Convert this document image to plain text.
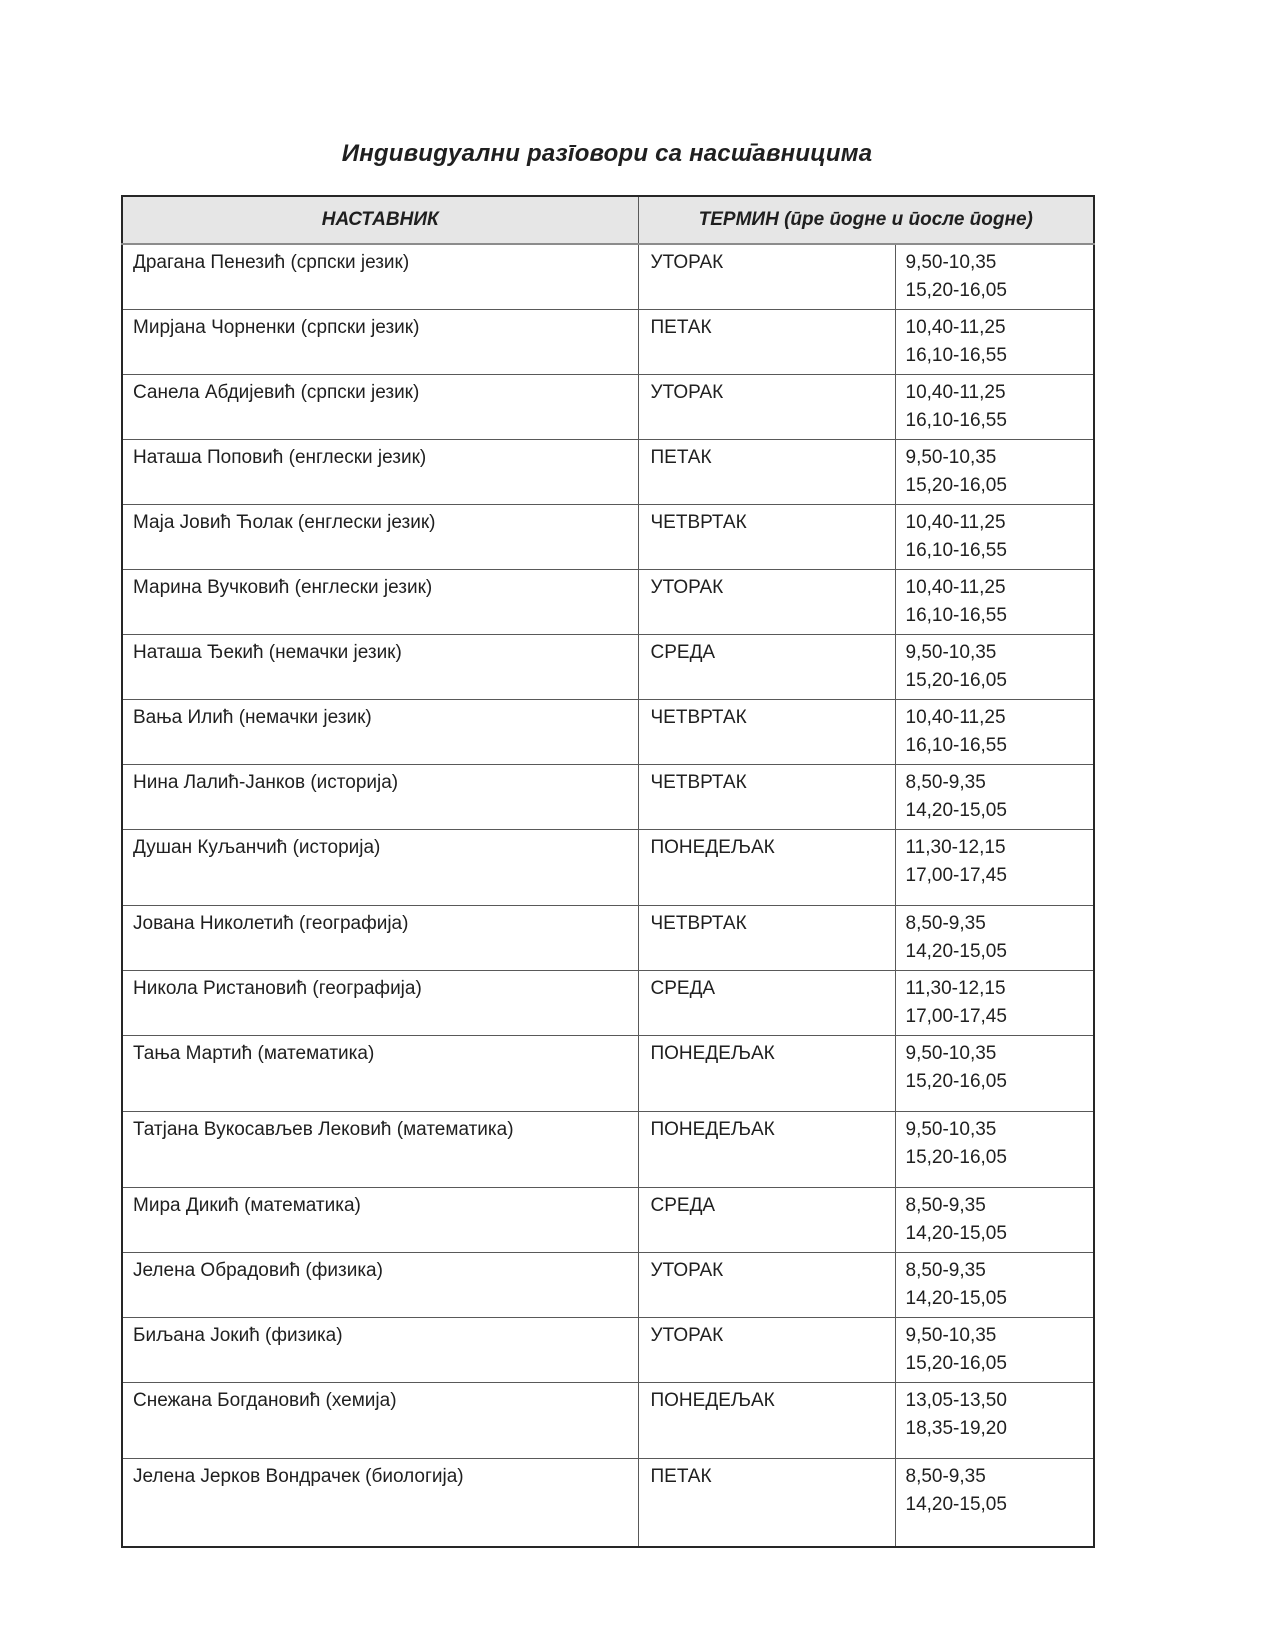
Индивидуални разīовори са насш̄авницима
НАСТАВНИК	ТЕРМИН (ӣре ӣодне и ӣосле ӣодне)	
Драгана Пенезић (српски језик)	УТОРАК	9,50-10,35
15,20-16,05

Мирјана Чорненки (српски језик)	ПЕТАК	10,40-11,25
16,10-16,55

Санела Абдијевић (српски језик)	УТОРАК	10,40-11,25
16,10-16,55

Наташа Поповић (енглески језик)	ПЕТАК	9,50-10,35
15,20-16,05

Маја Јовић Ћолак (енглески језик)	ЧЕТВРТАК	10,40-11,25
16,10-16,55

Марина Вучковић (енглески језик)	УТОРАК	10,40-11,25
16,10-16,55

Наташа Ђекић (немачки језик)	СРЕДА	9,50-10,35
15,20-16,05

Вања Илић (немачки језик)	ЧЕТВРТАК	10,40-11,25
16,10-16,55

Нина Лалић-Јанков (историја)	ЧЕТВРТАК	8,50-9,35
14,20-15,05

Душан Куљанчић (историја)	ПОНЕДЕЉАК	11,30-12,15
17,00-17,45

Јована Николетић (географија)	ЧЕТВРТАК	8,50-9,35
14,20-15,05

Никола Ристановић (географија)	СРЕДА	11,30-12,15
17,00-17,45

Тања Мартић (математика)	ПОНЕДЕЉАК	9,50-10,35
15,20-16,05

Татјана Вукосављев Лековић (математика)	ПОНЕДЕЉАК	9,50-10,35
15,20-16,05

Мира Дикић (математика)	СРЕДА	8,50-9,35
14,20-15,05

Јелена Обрадовић (физика)	УТОРАК	8,50-9,35
14,20-15,05

Биљана Јокић (физика)	УТОРАК	9,50-10,35
15,20-16,05

Снежана Богдановић (хемија)	ПОНЕДЕЉАК	13,05-13,50
18,35-19,20

Јелена Јерков Вондрачек (биологија)	ПЕТАК	8,50-9,35
14,20-15,05
